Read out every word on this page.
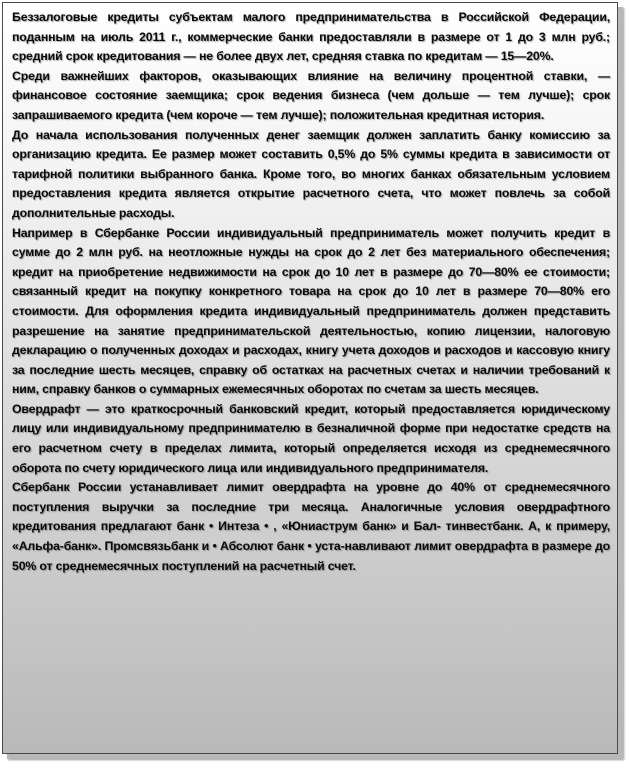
Беззалоговые кредиты субъектам малого предпринимательства в Российской Федерации, поданным на июль 2011 г., коммерческие банки предоставляли в размере от 1 до 3 млн руб.; средний срок кредитования — не более двух лет, средняя ставка по кредитам — 15—20%.

Среди важнейших факторов, оказывающих влияние на величину процентной ставки, — финансовое состояние заемщика; срок ведения бизнеса (чем дольше — тем лучше); срок запрашиваемого кредита (чем короче — тем лучше); положительная кредитная история.

До начала использования полученных денег заемщик должен заплатить банку комиссию за организацию кредита. Ее размер может составить 0,5% до 5% суммы кредита в зависимости от тарифной политики выбранного банка. Кроме того, во многих банках обязательным условием предоставления кредита является открытие расчетного счета, что может повлечь за собой дополнительные расходы.

Например в Сбербанке России индивидуальный предприниматель может получить кредит в сумме до 2 млн руб. на неотложные нужды на срок до 2 лет без материального обеспечения; кредит на приобретение недвижимости на срок до 10 лет в размере до 70—80% ее стоимости; связанный кредит на покупку конкретного товара на срок до 10 лет в размере 70—80% его стоимости. Для оформления кредита индивидуальный предприниматель должен представить разрешение на занятие предпринимательской деятельностью, копию лицензии, налоговую декларацию о полученных доходах и расходах, книгу учета доходов и расходов и кассовую книгу за последние шесть месяцев, справку об остатках на расчетных счетах и наличии требований к ним, справку банков о суммарных ежемесячных оборотах по счетам за шесть месяцев.

Овердрафт — это краткосрочный банковский кредит, который предоставляется юридическому лицу или индивидуальному предпринимателю в безналичной форме при недостатке средств на его расчетном счету в пределах лимита, который определяется исходя из среднемесячного оборота по счету юридического лица или индивидуального предпринимателя.

Сбербанк России устанавливает лимит овердрафта на уровне до 40% от среднемесячного поступления выручки за последние три месяца. Аналогичные условия овердрафтного кредитования предлагают банк • Интеза • , «Юниаструм банк» и Бал- тинвестбанк. А, к примеру, «Альфа-банк». Промсвязьбанк и • Абсолют банк • уста-навливают лимит овердрафта в размере до 50% от среднемесячных поступлений на расчетный счет.
